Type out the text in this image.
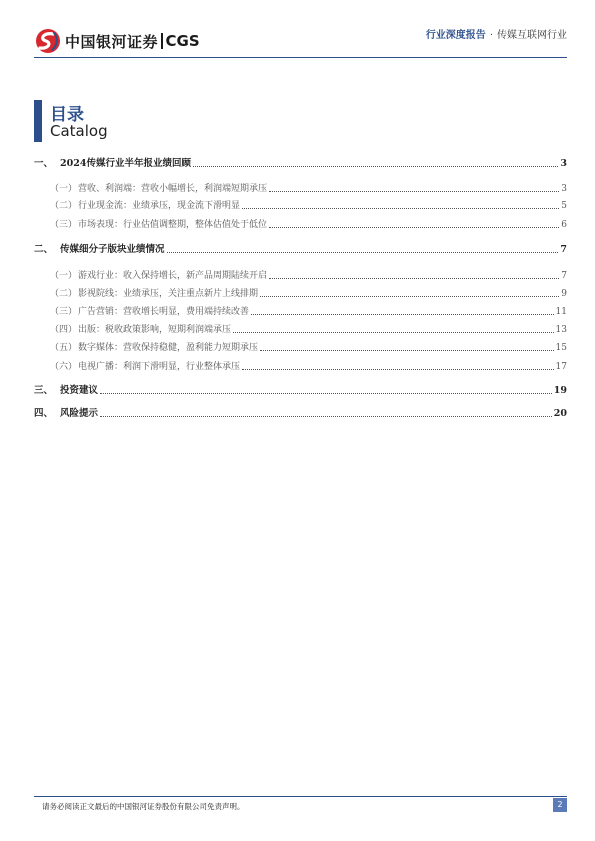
中国银河证券 CGS	行业深度报告 · 传媒互联网行业
目录
Catalog
一、 2024传媒行业半年报业绩回顾	3
（一） 营收、利润端：营收小幅增长，利润端短期承压	3
（二） 行业现金流：业绩承压，现金流下滑明显	5
（三） 市场表现：行业估值调整期，整体估值处于低位	6
二、 传媒细分子版块业绩情况	7
（一） 游戏行业：收入保持增长，新产品周期陆续开启	7
（二） 影视院线：业绩承压，关注重点新片上线排期	9
（三） 广告营销：营收增长明显，费用端持续改善	11
（四） 出版：税收政策影响，短期利润端承压	13
（五） 数字媒体：营收保持稳健，盈利能力短期承压	15
（六） 电视广播：利润下滑明显，行业整体承压	17
三、 投资建议	19
四、 风险提示	20
请务必阅读正文最后的中国银河证券股份有限公司免责声明。	2
